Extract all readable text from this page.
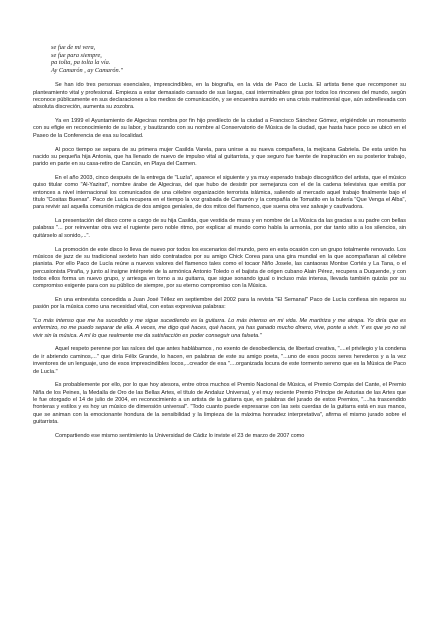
se fue de mi vera,
se fue para siempre,
pa tolta, pa tolta la vía.
Ay Camarón , ay Camarón."

Se han ido tres personas esenciales, imprescindibles, en la biografía, en la vida de Paco de Lucía. El artista tiene que recomponer su planteamiento vital y profesional. Empieza a estar demasiado cansado de sus largas, casi interminables giras por todos los rincones del mundo, según reconoce públicamente en sus declaraciones a los medios de comunicación, y se encuentra sumido en una crisis matrimonial que, aún sobrellevada con absoluta discreción, aumenta su zozobra.

Ya en 1999 el Ayuntamiento de Algeciras nombra por fin hijo predilecto de la ciudad a Francisco Sánchez Gómez, erigiéndole un monumento con su efigie en reconocimiento de su labor, y bautizando con su nombre al Conservatorio de Música de la ciudad, que hasta hace poco se ubicó en el Paseo de la Conferencia de esa su localidad.

Al poco tiempo se separa de su primera mujer Casilda Varela, para unirse a su nueva compañera, la mejicana Gabriela. De esta unión ha nacido su pequeña hija Antonia, que ha llenado de nuevo de impulso vital al guitarrista, y que seguro fue fuente de inspiración en su posterior trabajo, parido en parte en su casa-retiro de Cancún, en Playa del Carmen.

En el año 2003, cinco después de la entrega de "Luzía", aparece el siguiente y ya muy esperado trabajo discográfico del artista, que el músico quiso titular como "Al-Yazirat", nombre árabe de Algeciras, del que hubo de desistir por semejanza con el de la cadena televisiva que emitía por entonces a nivel internacional los comunicados de una célebre organización terrorista islámica, saliendo al mercado aquel trabajo finalmente bajo el título "Cositas Buenas". Paco de Lucía recupera en el tiempo la voz grabada de Camarón y la compañía de Tomatito en la bulería "Que Venga el Alba", para revivir así aquella comunión mágica de dos amigos geniales, de dos mitos del flamenco, que suena otra vez salvaje y cautivadora.

La presentación del disco corre a cargo de su hija Casilda, que vestida de musa y en nombre de La Música da las gracias a su padre con bellas palabras "... por reinventar otra vez el rugiente pero noble ritmo, por explicar al mundo como habla la armonía, por dar tanto sitio a los silencios, sin quitárselo al sonido,...".

La promoción de este disco lo lleva de nuevo por todos los escenarios del mundo, pero en esta ocasión con un grupo totalmente renovado. Los músicos de jazz de su tradicional sexteto han sido contratados por su amigo Chick Corea para una gira mundial en la que acompañaran al célebre pianista. Por ello Paco de Lucía reúne a nuevos valores del flamenco tales como el tocaor Niño Josele, las cantaoras Montse Cortés y La Tana, o el percusionista Piraña, y junto al insigne intérprete de la armónica Antonio Toledo o el bajista de origen cubano Alain Pérez, recupera a Duquende, y con todos ellos forma un nuevo grupo, y arriesga en torno a su guitarra, que sigue sonando igual o incluso más intensa, llevada también quizás por su compromiso exigente para con su público de siempre, por su eterno compromiso con la Música.

En una entrevista concedida a Juan José Téllez en septiembre del 2002 para la revista "El Semanal" Paco de Lucía confiesa sin reparos su pasión por la música como una necesidad vital, con estas expresivas palabras:

"Lo más intenso que me ha sucedido y me sigue sucediendo es la guitarra. Lo más intenso en mi vida. Me martiriza y me atrapa. Yo diría que es enfermizo, no me puedo separar de ella. A veces, me digo qué haces, qué haces, ya has ganado mucho dinero, vive, ponte a vivir. Y es que yo no sé vivir sin la música. A mí lo que realmente me da satisfacción es poder conseguir una falseta."

Aquel respeto perenne por las raíces del que antes hablábamos , no exento de desobediencia, de libertad creativa, "....el privilegio y la condena de ir abriendo caminos,..." que diría Félix Grande, lo hacen, en palabras de este su amigo poeta, "...uno de esos pocos seres herederos y a la vez inventores de un lenguaje, uno de esos imprescindibles locos,...creador de esa "....organizada locura de este tormento sereno que es la Música de Paco de Lucía."

Es probablemente por ello, por lo que hoy atesora, entre otros muchos el Premio Nacional de Música, el Premio Compás del Cante, el Premio Niña de los Peines, la Medalla de Oro de las Bellas Artes, el título de Andaluz Universal, y el muy reciente Premio Príncipe de Asturias de las Artes que le fue otorgado el 14 de julio de 2004, en reconocimiento a un artista de la guitarra que, en palabras del jurado de estos Premios, "....ha trascendido fronteras y estilos y es hoy un músico de dimensión universal". "Todo cuanto puede expresarse con las seis cuerdas de la guitarra está en sus manos, que se animan con la emocionante hondura de la sensibilidad y la limpieza de la máxima honradez interpretativa", afirma el mismo jurado sobre el guitarrista.

Compartiendo ese mismo sentimiento la Universidad de Cádiz lo inviste el 23 de marzo de 2007 como
